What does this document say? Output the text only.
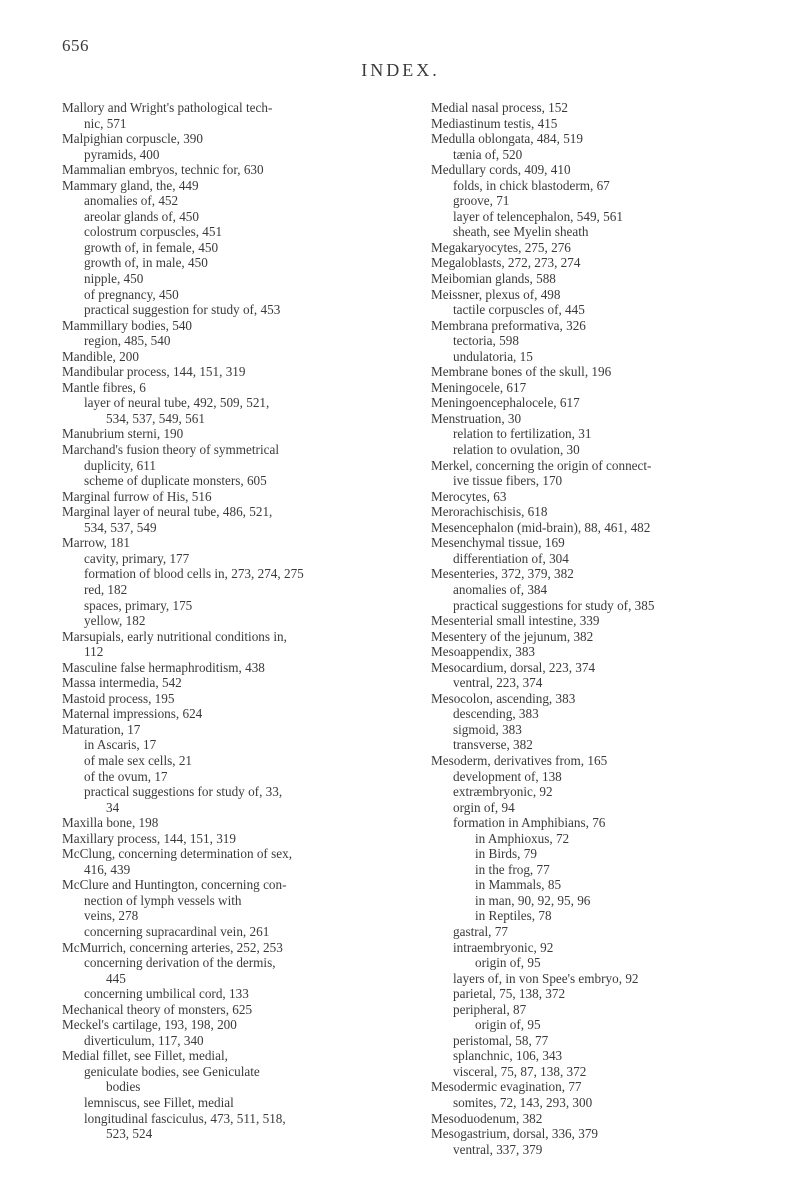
656
INDEX.
Mallory and Wright's pathological tech-
nic, 571
Malpighian corpuscle, 390
pyramids, 400
Mammalian embryos, technic for, 630
Mammary gland, the, 449
anomalies of, 452
areolar glands of, 450
colostrum corpuscles, 451
growth of, in female, 450
growth of, in male, 450
nipple, 450
of pregnancy, 450
practical suggestion for study of, 453
Mammillary bodies, 540
region, 485, 540
Mandible, 200
Mandibular process, 144, 151, 319
Mantle fibres, 6
layer of neural tube, 492, 509, 521,
534, 537, 549, 561
Manubrium sterni, 190
Marchand's fusion theory of symmetrical
duplicity, 611
scheme of duplicate monsters, 605
Marginal furrow of His, 516
Marginal layer of neural tube, 486, 521,
534, 537, 549
Marrow, 181
cavity, primary, 177
formation of blood cells in, 273, 274, 275
red, 182
spaces, primary, 175
yellow, 182
Marsupials, early nutritional conditions in,
112
Masculine false hermaphroditism, 438
Massa intermedia, 542
Mastoid process, 195
Maternal impressions, 624
Maturation, 17
in Ascaris, 17
of male sex cells, 21
of the ovum, 17
practical suggestions for study of, 33,
34
Maxilla bone, 198
Maxillary process, 144, 151, 319
McClung, concerning determination of sex,
416, 439
McClure and Huntington, concerning con-
nection of lymph vessels with
veins, 278
concerning supracardinal vein, 261
McMurrich, concerning arteries, 252, 253
concerning derivation of the dermis,
445
concerning umbilical cord, 133
Mechanical theory of monsters, 625
Meckel's cartilage, 193, 198, 200
diverticulum, 117, 340
Medial fillet, see Fillet, medial,
geniculate bodies, see Geniculate
bodies
lemniscus, see Fillet, medial
longitudinal fasciculus, 473, 511, 518,
523, 524
Medial nasal process, 152
Mediastinum testis, 415
Medulla oblongata, 484, 519
tænia of, 520
Medullary cords, 409, 410
folds, in chick blastoderm, 67
groove, 71
layer of telencephalon, 549, 561
sheath, see Myelin sheath
Megakaryocytes, 275, 276
Megaloblasts, 272, 273, 274
Meibomian glands, 588
Meissner, plexus of, 498
tactile corpuscles of, 445
Membrana preformativa, 326
tectoria, 598
undulatoria, 15
Membrane bones of the skull, 196
Meningocele, 617
Meningoencephalocele, 617
Menstruation, 30
relation to fertilization, 31
relation to ovulation, 30
Merkel, concerning the origin of connect-
ive tissue fibers, 170
Merocytes, 63
Merorachischisis, 618
Mesencephalon (mid-brain), 88, 461, 482
Mesenchymal tissue, 169
differentiation of, 304
Mesenteries, 372, 379, 382
anomalies of, 384
practical suggestions for study of, 385
Mesenterial small intestine, 339
Mesentery of the jejunum, 382
Mesoappendix, 383
Mesocardium, dorsal, 223, 374
ventral, 223, 374
Mesocolon, ascending, 383
descending, 383
sigmoid, 383
transverse, 382
Mesoderm, derivatives from, 165
development of, 138
extræmbryonic, 92
orgin of, 94
formation in Amphibians, 76
in Amphioxus, 72
in Birds, 79
in the frog, 77
in Mammals, 85
in man, 90, 92, 95, 96
in Reptiles, 78
gastral, 77
intraembryonic, 92
origin of, 95
layers of, in von Spee's embryo, 92
parietal, 75, 138, 372
peripheral, 87
origin of, 95
peristomal, 58, 77
splanchnic, 106, 343
visceral, 75, 87, 138, 372
Mesodermic evagination, 77
somites, 72, 143, 293, 300
Mesoduodenum, 382
Mesogastrium, dorsal, 336, 379
ventral, 337, 379
